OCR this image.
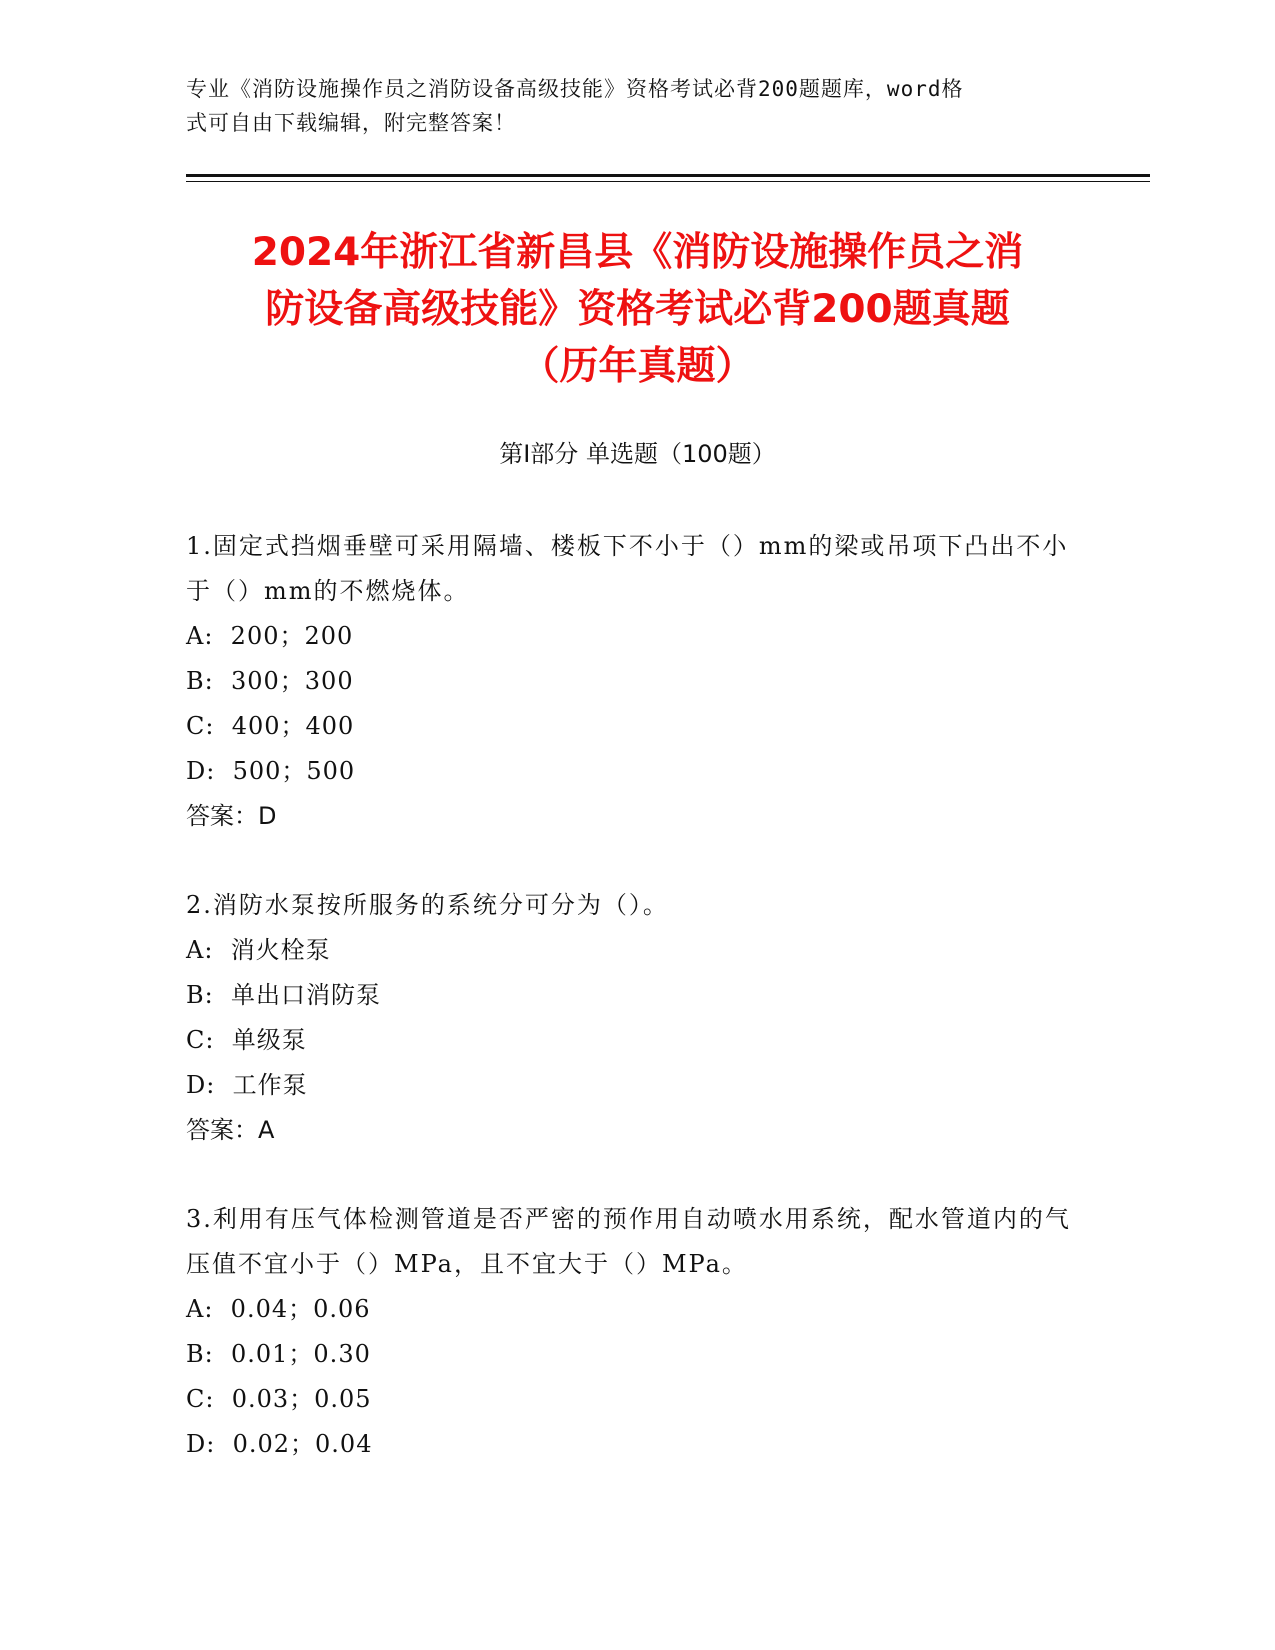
专业《消防设施操作员之消防设备高级技能》资格考试必背200题题库，word格
式可自由下载编辑，附完整答案！
2024年浙江省新昌县《消防设施操作员之消
防设备高级技能》资格考试必背200题真题
（历年真题）
第Ⅰ部分 单选题（100题）
1.固定式挡烟垂壁可采用隔墙、楼板下不小于（）mm的梁或吊项下凸出不小于（）mm的不燃烧体。
A:  200；200
B:  300；300
C:  400；400
D:  500；500
答案：D
2.消防水泵按所服务的系统分可分为（）。
A:  消火栓泵
B:  单出口消防泵
C:  单级泵
D:  工作泵
答案：A
3.利用有压气体检测管道是否严密的预作用自动喷水用系统，配水管道内的气压值不宜小于（）MPa，且不宜大于（）MPa。
A:  0.04；0.06
B:  0.01；0.30
C:  0.03；0.05
D:  0.02；0.04
